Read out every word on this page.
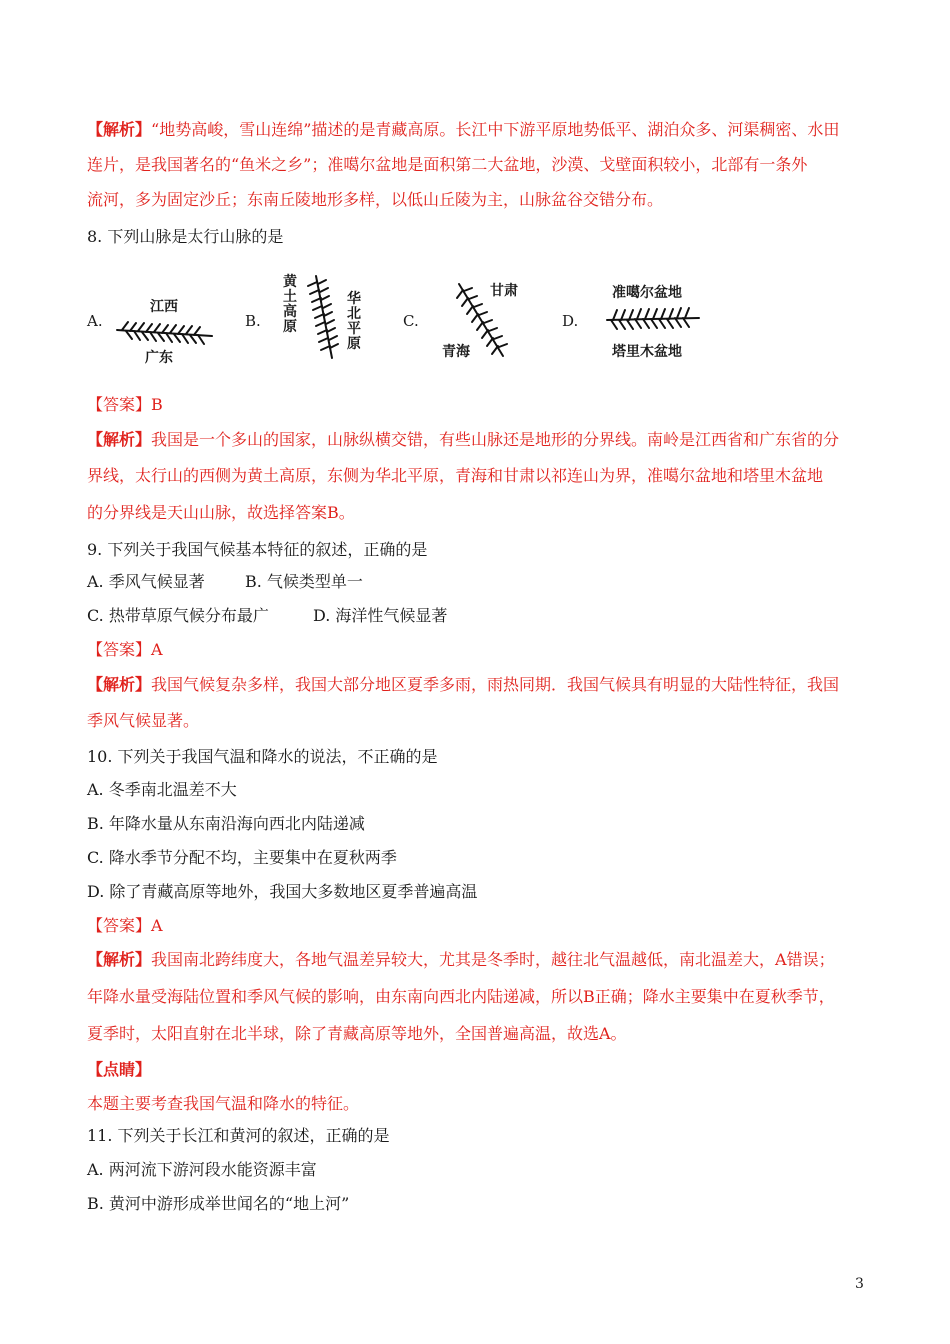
【解析】“地势高峻，雪山连绵”描述的是青藏高原。长江中下游平原地势低平、湖泊众多、河渠稠密、水田
连片，是我国著名的“鱼米之乡”；准噶尔盆地是面积第二大盆地，沙漠、戈壁面积较小，北部有一条外
流河，多为固定沙丘；东南丘陵地形多样，以低山丘陵为主，山脉盆谷交错分布。
8. 下列山脉是太行山脉的是
A.
江西
广东
B.
黄土高原
华北平原
C.
甘肃
青海
D.
准噶尔盆地
塔里木盆地
【答案】B
【解析】我国是一个多山的国家，山脉纵横交错，有些山脉还是地形的分界线。南岭是江西省和广东省的分
界线，太行山的西侧为黄土高原，东侧为华北平原，青海和甘肃以祁连山为界，准噶尔盆地和塔里木盆地
的分界线是天山山脉，故选择答案B。
9. 下列关于我国气候基本特征的叙述，正确的是
A. 季风气候显著	B. 气候类型单一
C. 热带草原气候分布最广	D. 海洋性气候显著
【答案】A
【解析】我国气候复杂多样，我国大部分地区夏季多雨，雨热同期．我国气候具有明显的大陆性特征，我国
季风气候显著。
10. 下列关于我国气温和降水的说法，不正确的是
A. 冬季南北温差不大
B. 年降水量从东南沿海向西北内陆递减
C. 降水季节分配不均，主要集中在夏秋两季
D. 除了青藏高原等地外，我国大多数地区夏季普遍高温
【答案】A
【解析】我国南北跨纬度大，各地气温差异较大，尤其是冬季时，越往北气温越低，南北温差大，A错误；
年降水量受海陆位置和季风气候的影响，由东南向西北内陆递减，所以B正确；降水主要集中在夏秋季节，
夏季时，太阳直射在北半球，除了青藏高原等地外，全国普遍高温，故选A。
【点睛】
本题主要考查我国气温和降水的特征。
11. 下列关于长江和黄河的叙述，正确的是
A. 两河流下游河段水能资源丰富
B. 黄河中游形成举世闻名的“地上河”
3
